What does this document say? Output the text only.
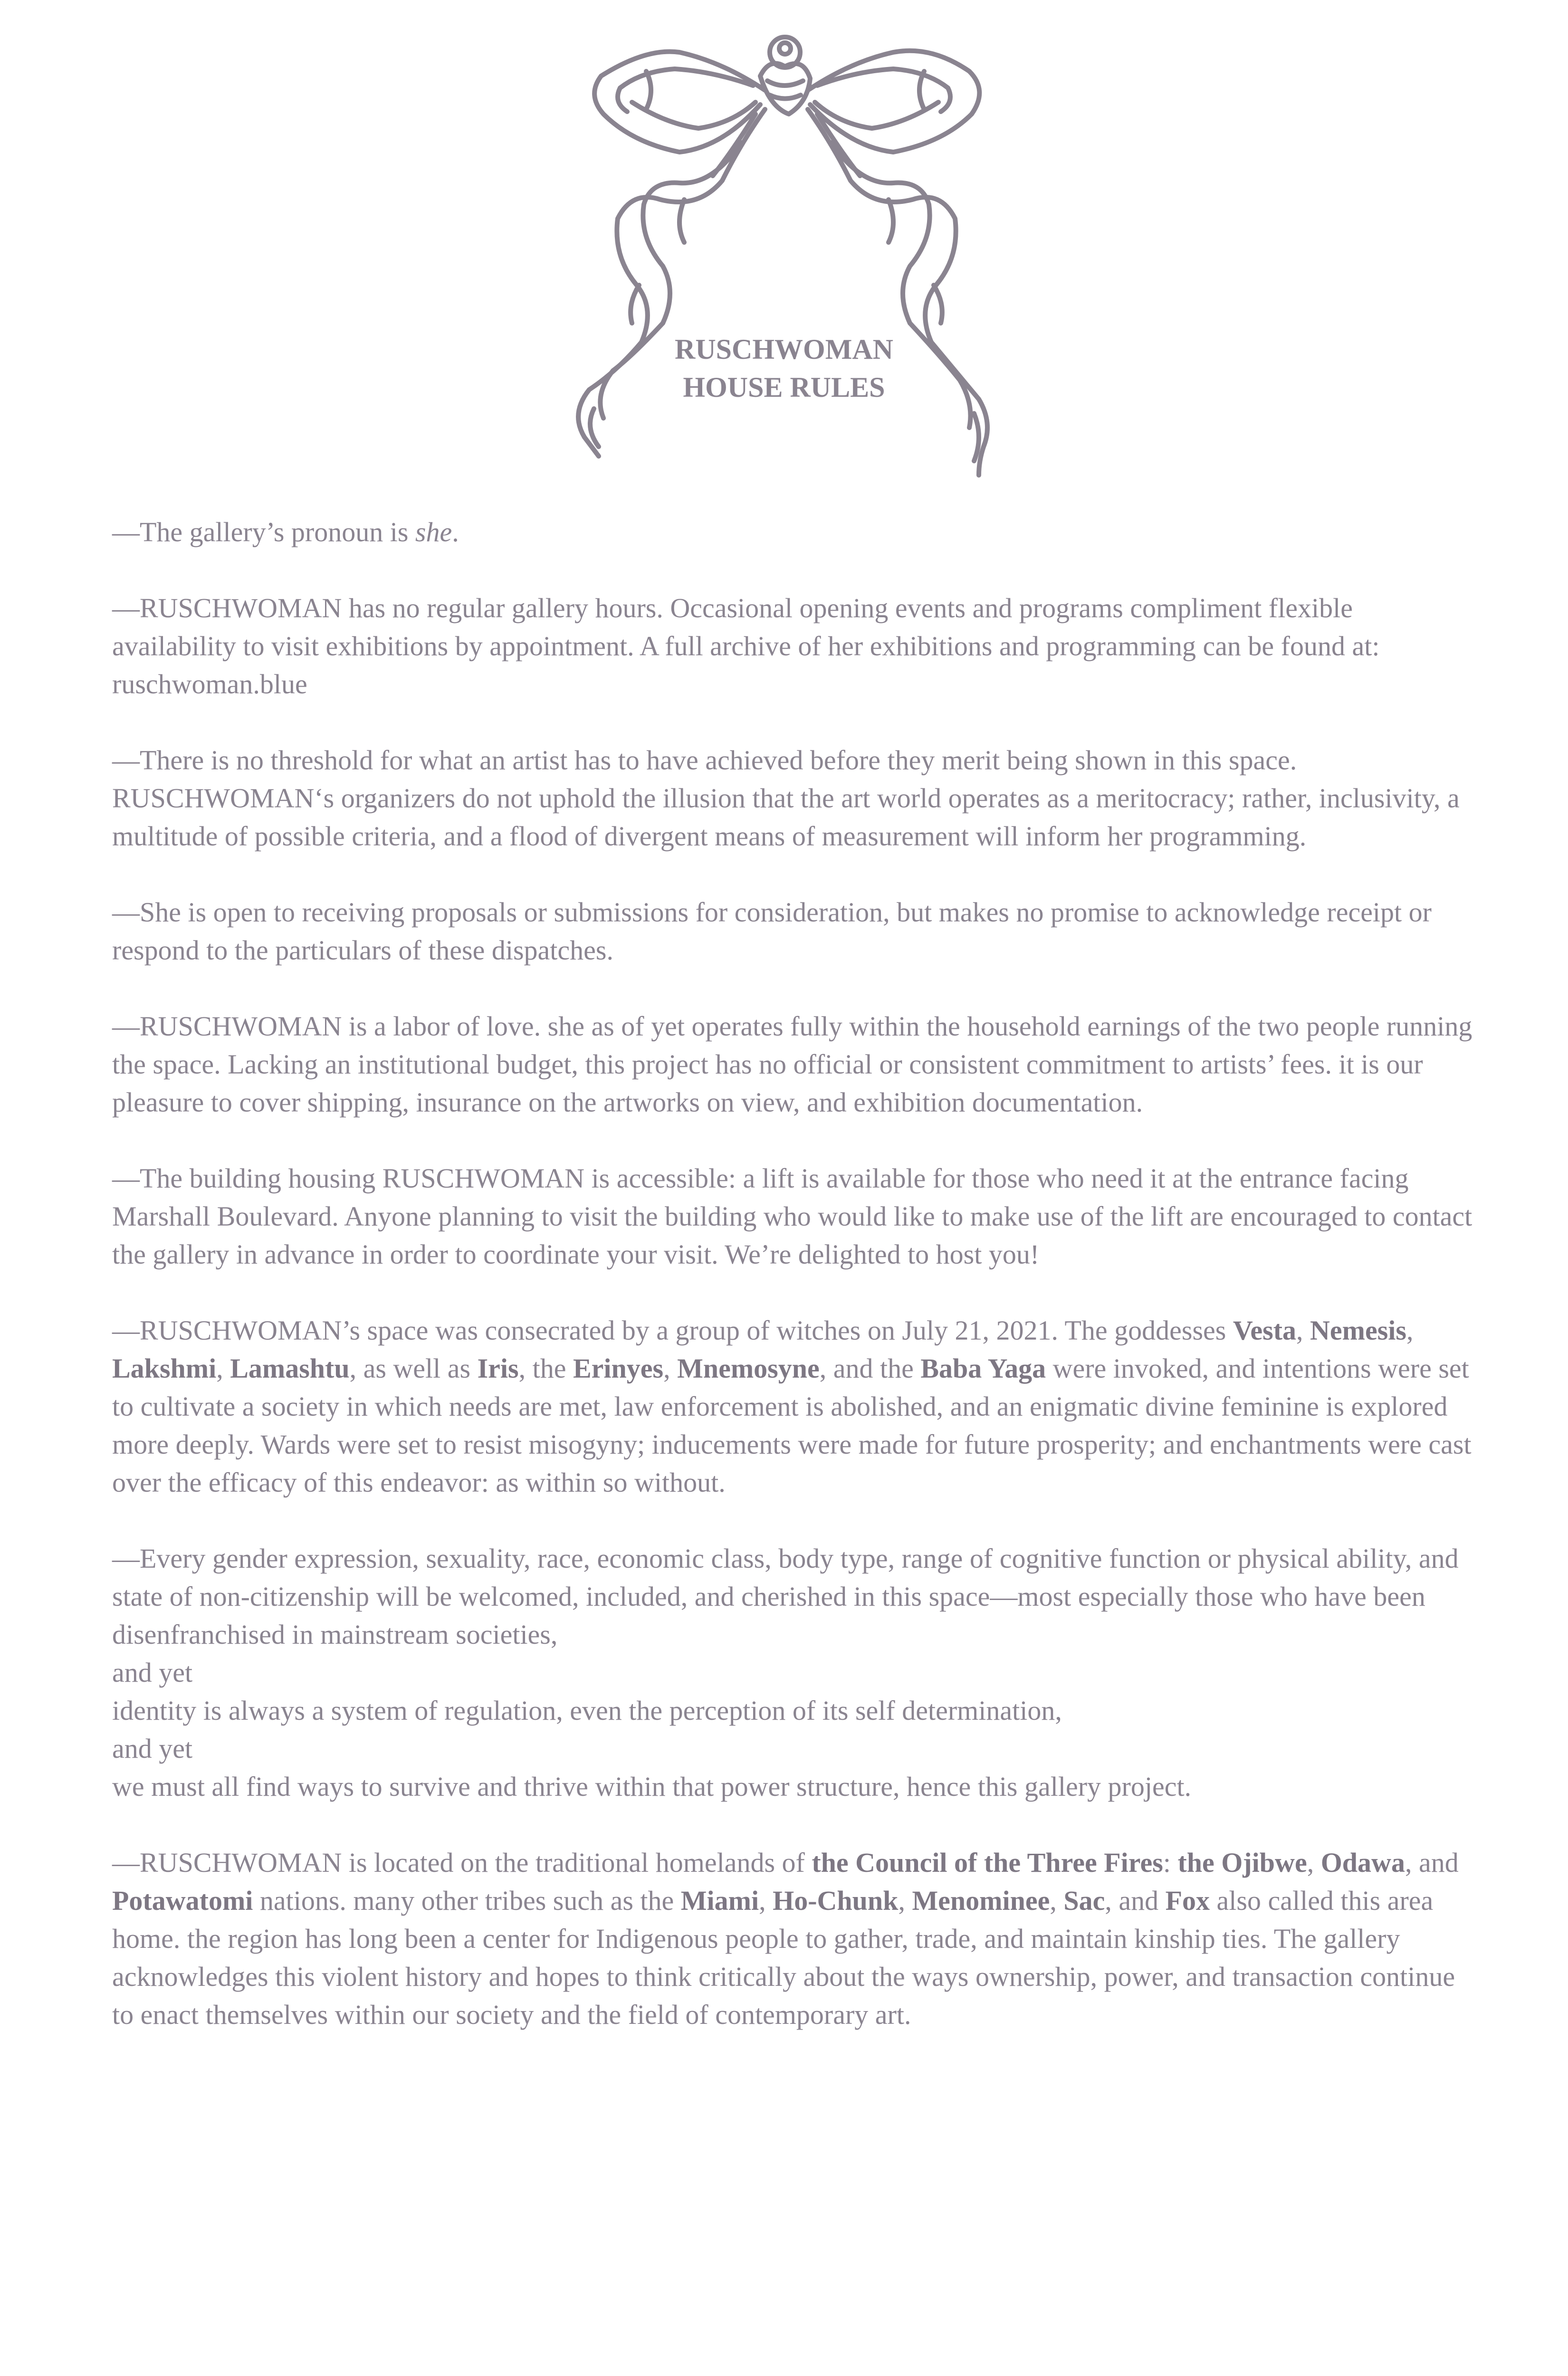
RUSCHWOMAN
HOUSE RULES

—The gallery’s pronoun is she.

—RUSCHWOMAN has no regular gallery hours. Occasional opening events and programs compliment flexible availability to visit exhibitions by appointment. A full archive of her exhibitions and programming can be found at: ruschwoman.blue

—There is no threshold for what an artist has to have achieved before they merit being shown in this space. RUSCHWOMAN‘s organizers do not uphold the illusion that the art world operates as a meritocracy; rather, inclusivity, a multitude of possible criteria, and a flood of divergent means of measurement will inform her programming.

—She is open to receiving proposals or submissions for consideration, but makes no promise to acknowledge receipt or respond to the particulars of these dispatches.

—RUSCHWOMAN is a labor of love. she as of yet operates fully within the household earnings of the two people running the space. Lacking an institutional budget, this project has no official or consistent commitment to artists’ fees. it is our pleasure to cover shipping, insurance on the artworks on view, and exhibition documentation.

—The building housing RUSCHWOMAN is accessible: a lift is available for those who need it at the entrance facing Marshall Boulevard. Anyone planning to visit the building who would like to make use of the lift are encouraged to contact the gallery in advance in order to coordinate your visit. We’re delighted to host you!

—RUSCHWOMAN’s space was consecrated by a group of witches on July 21, 2021. The goddesses Vesta, Nemesis, Lakshmi, Lamashtu, as well as Iris, the Erinyes, Mnemosyne, and the Baba Yaga were invoked, and intentions were set to cultivate a society in which needs are met, law enforcement is abolished, and an enigmatic divine feminine is explored more deeply. Wards were set to resist misogyny; inducements were made for future prosperity; and enchantments were cast over the efficacy of this endeavor: as within so without.

—Every gender expression, sexuality, race, economic class, body type, range of cognitive function or physical ability, and state of non-citizenship will be welcomed, included, and cherished in this space—most especially those who have been disenfranchised in mainstream societies,
and yet
identity is always a system of regulation, even the perception of its self determination,
and yet
we must all find ways to survive and thrive within that power structure, hence this gallery project.

—RUSCHWOMAN is located on the traditional homelands of the Council of the Three Fires: the Ojibwe, Odawa, and Potawatomi nations. many other tribes such as the Miami, Ho-Chunk, Menominee, Sac, and Fox also called this area home. the region has long been a center for Indigenous people to gather, trade, and maintain kinship ties. The gallery acknowledges this violent history and hopes to think critically about the ways ownership, power, and transaction continue to enact themselves within our society and the field of contemporary art.
